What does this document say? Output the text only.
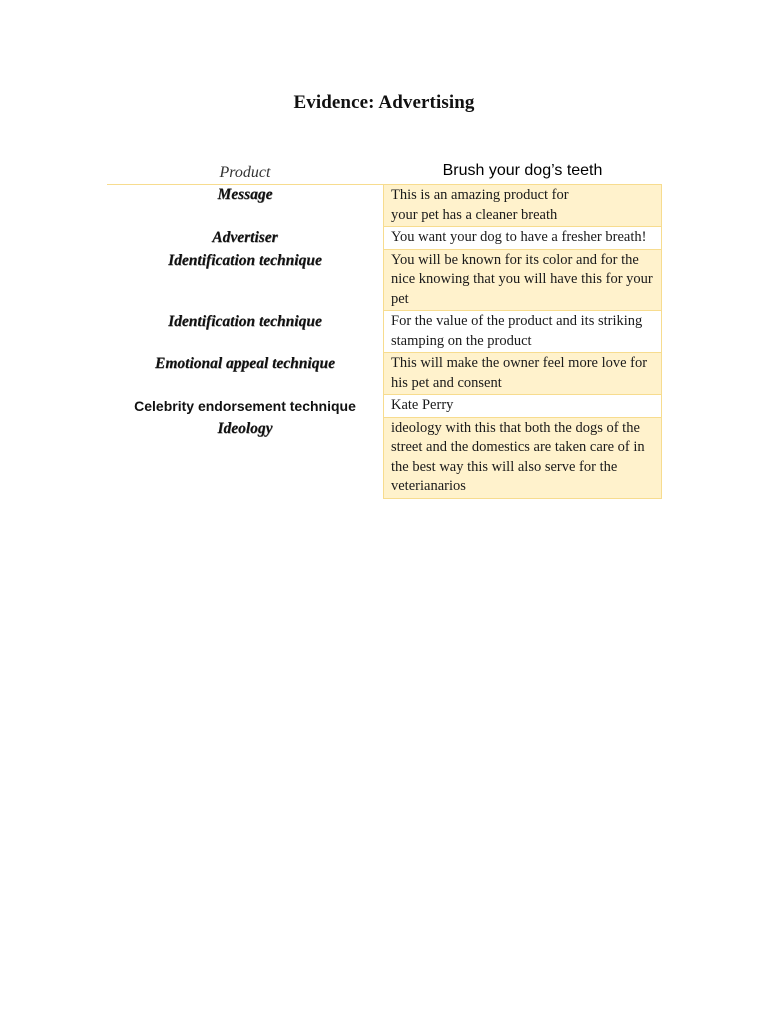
Evidence: Advertising
Product	Brush your dog’s teeth
Message	This is an amazing product for
your pet has a cleaner breath
Advertiser	You want your dog to have a fresher breath!
Identification technique	You will be known for its color and for the nice knowing that you will have this for your pet
Identification technique	For the value of the product and its striking stamping on the product
Emotional appeal technique	This will make the owner feel more love for his pet and consent
Celebrity endorsement technique	Kate Perry
Ideology	ideology with this that both the dogs of the street and the domestics are taken care of in the best way this will also serve for the veterianarios
